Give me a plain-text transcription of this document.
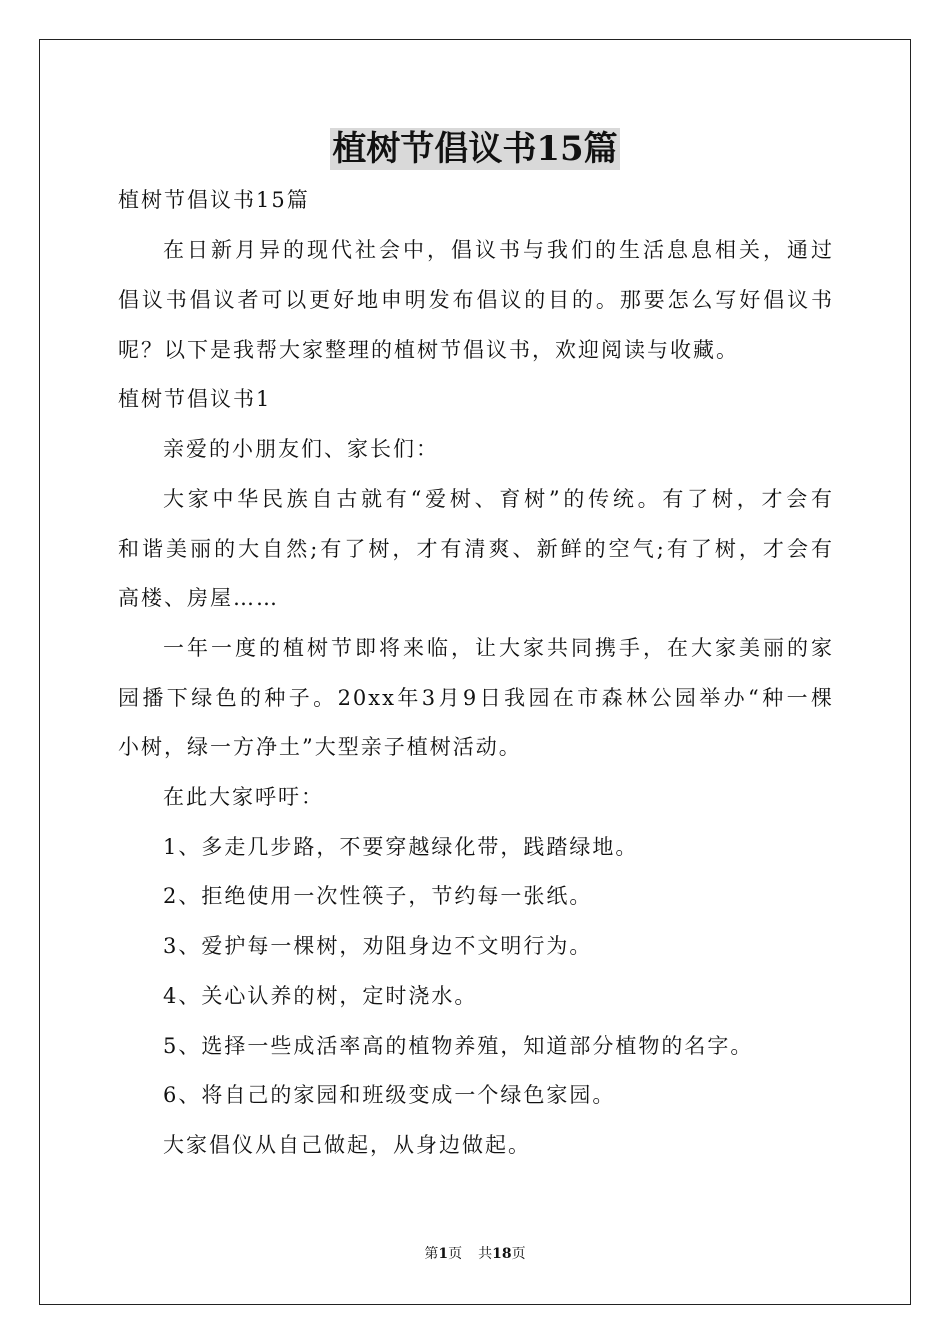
植树节倡议书15篇

植树节倡议书15篇

在日新月异的现代社会中，倡议书与我们的生活息息相关，通过

倡议书倡议者可以更好地申明发布倡议的目的。那要怎么写好倡议书

呢？以下是我帮大家整理的植树节倡议书，欢迎阅读与收藏。

植树节倡议书1

亲爱的小朋友们、家长们：

大家中华民族自古就有“爱树、育树”的传统。有了树，才会有

和谐美丽的大自然;有了树，才有清爽、新鲜的空气;有了树，才会有

高楼、房屋……

一年一度的植树节即将来临，让大家共同携手，在大家美丽的家

园播下绿色的种子。20xx年3月9日我园在市森林公园举办“种一棵

小树，绿一方净土”大型亲子植树活动。

在此大家呼吁：

1、多走几步路，不要穿越绿化带，践踏绿地。

2、拒绝使用一次性筷子，节约每一张纸。

3、爱护每一棵树，劝阻身边不文明行为。

4、关心认养的树，定时浇水。

5、选择一些成活率高的植物养殖，知道部分植物的名字。

6、将自己的家园和班级变成一个绿色家园。

大家倡仪从自己做起，从身边做起。

第1页 共18页
